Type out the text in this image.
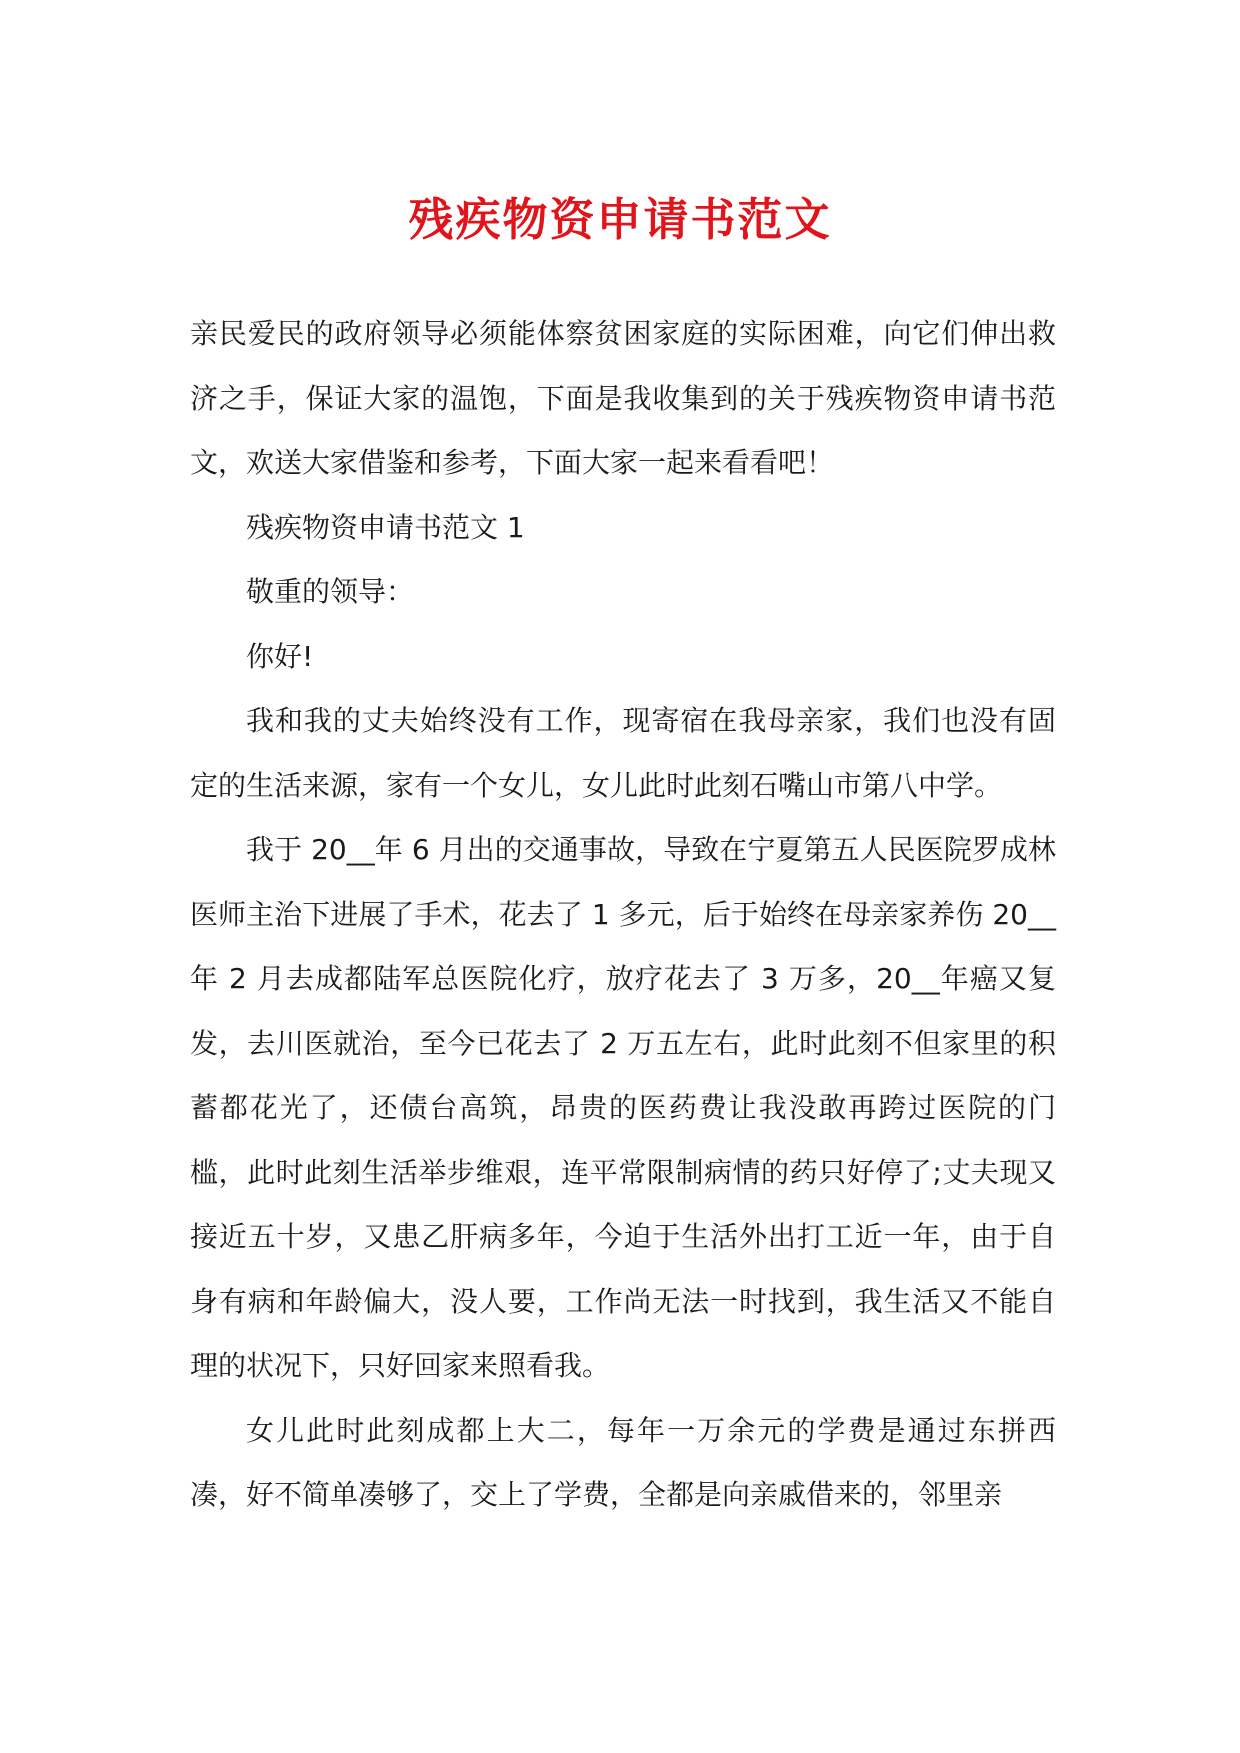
残疾物资申请书范文

亲民爱民的政府领导必须能体察贫困家庭的实际困难，向它们伸出救济之手，保证大家的温饱，下面是我收集到的关于残疾物资申请书范文，欢送大家借鉴和参考，下面大家一起来看看吧！

残疾物资申请书范文 1

敬重的领导：

你好!

我和我的丈夫始终没有工作，现寄宿在我母亲家，我们也没有固定的生活来源，家有一个女儿，女儿此时此刻石嘴山市第八中学。

我于 20__年 6 月出的交通事故，导致在宁夏第五人民医院罗成林医师主治下进展了手术，花去了 1 多元，后于始终在母亲家养伤 20__年 2 月去成都陆军总医院化疗，放疗花去了 3 万多，20__年癌又复发，去川医就治，至今已花去了 2 万五左右，此时此刻不但家里的积蓄都花光了，还债台高筑，昂贵的医药费让我没敢再跨过医院的门槛，此时此刻生活举步维艰，连平常限制病情的药只好停了;丈夫现又接近五十岁，又患乙肝病多年，今迫于生活外出打工近一年，由于自身有病和年龄偏大，没人要，工作尚无法一时找到，我生活又不能自理的状况下，只好回家来照看我。

女儿此时此刻成都上大二，每年一万余元的学费是通过东拼西凑，好不简单凑够了，交上了学费，全都是向亲戚借来的，邻里亲
